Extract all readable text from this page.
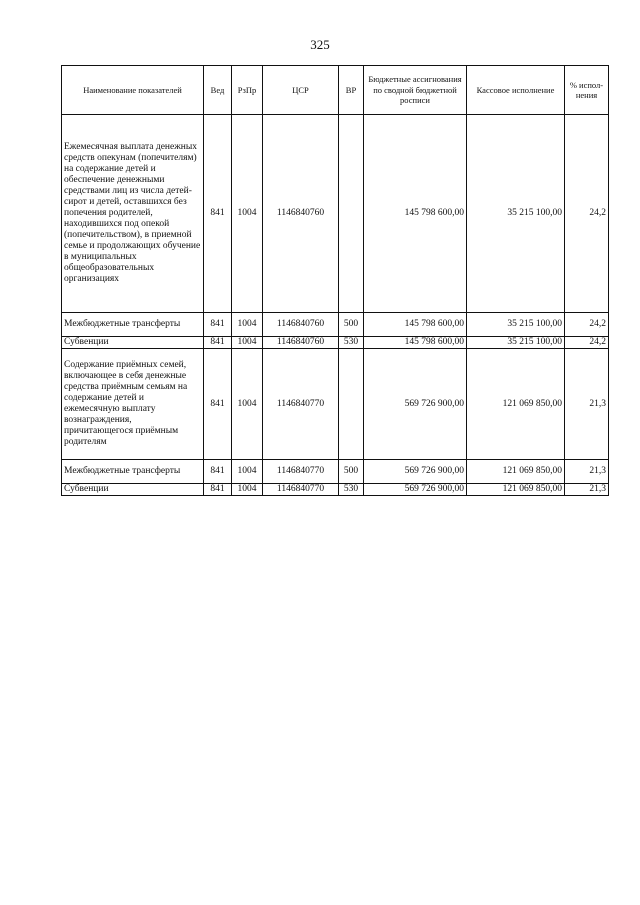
325
Наименование показателей	Вед	РзПр	ЦСР	ВР	Бюджетные ассигнования по сводной бюджетной росписи	Кассовое исполнение	% испол-нения
Ежемесячная выплата денежных средств опекунам (попечителям) на содержание детей и обеспечение денежными средствами лиц из числа детей-сирот и детей, оставшихся без попечения родителей, находившихся под опекой (попечительством), в приемной семье и продолжающих обучение в муниципальных общеобразовательных организациях	841	1004	1146840760		145 798 600,00	35 215 100,00	24,2
Межбюджетные трансферты	841	1004	1146840760	500	145 798 600,00	35 215 100,00	24,2
Субвенции	841	1004	1146840760	530	145 798 600,00	35 215 100,00	24,2
Содержание приёмных семей, включающее в себя денежные средства приёмным семьям на содержание детей и ежемесячную выплату вознаграждения, причитающегося приёмным родителям	841	1004	1146840770		569 726 900,00	121 069 850,00	21,3
Межбюджетные трансферты	841	1004	1146840770	500	569 726 900,00	121 069 850,00	21,3
Субвенции	841	1004	1146840770	530	569 726 900,00	121 069 850,00	21,3
